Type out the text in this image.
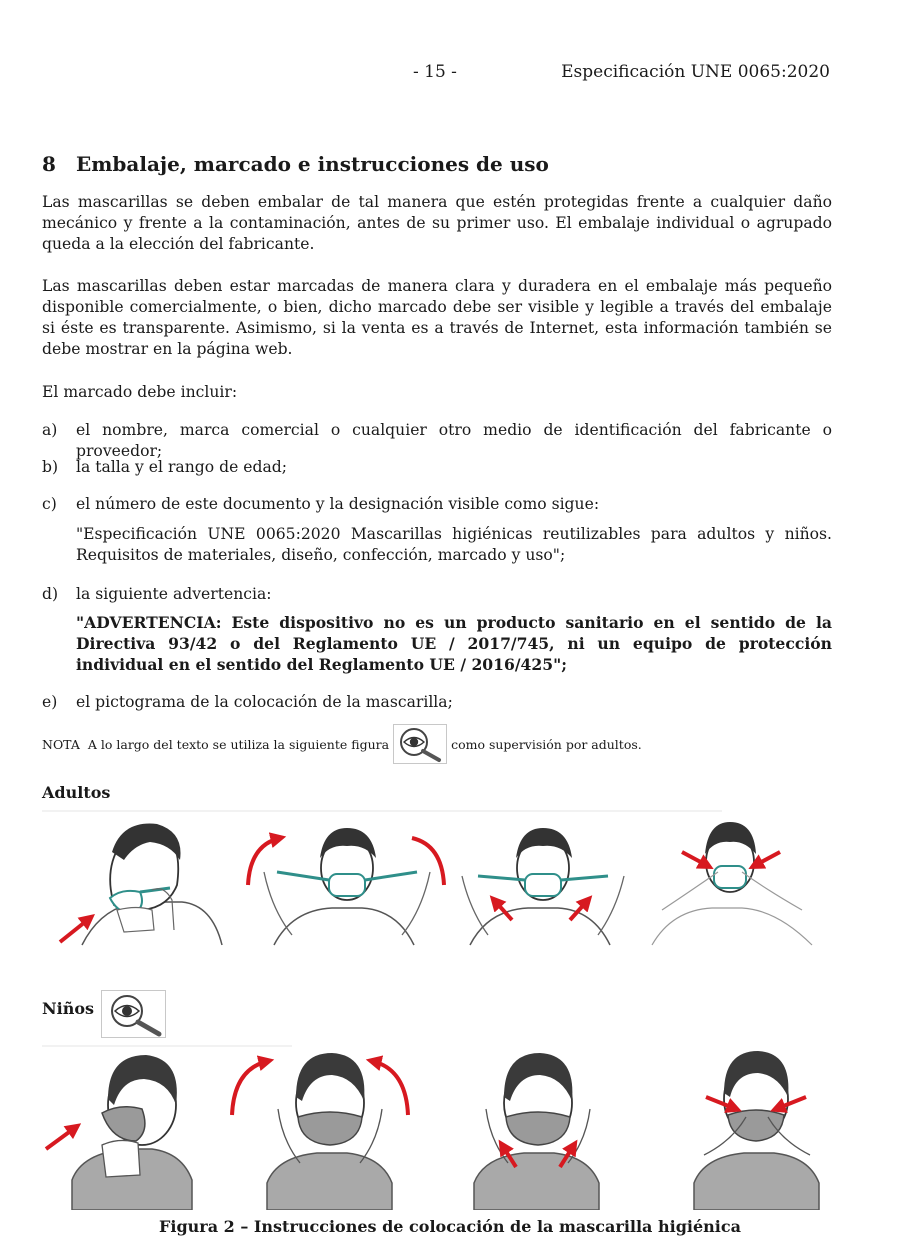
- 15 -	Especificación UNE 0065:2020
8 Embalaje, marcado e instrucciones de uso

Las mascarillas se deben embalar de tal manera que estén protegidas frente a cualquier daño mecánico y frente a la contaminación, antes de su primer uso. El embalaje individual o agrupado queda a la elección del fabricante.

Las mascarillas deben estar marcadas de manera clara y duradera en el embalaje más pequeño disponible comercialmente, o bien, dicho marcado debe ser visible y legible a través del embalaje si éste es transparente. Asimismo, si la venta es a través de Internet, esta información también se debe mostrar en la página web.

El marcado debe incluir:

a) el nombre, marca comercial o cualquier otro medio de identificación del fabricante o proveedor;
b) la talla y el rango de edad;
c) el número de este documento y la designación visible como sigue:

"Especificación UNE 0065:2020 Mascarillas higiénicas reutilizables para adultos y niños. Requisitos de materiales, diseño, confección, marcado y uso";

d) la siguiente advertencia:

"ADVERTENCIA: Este dispositivo no es un producto sanitario en el sentido de la Directiva 93/42 o del Reglamento UE / 2017/745, ni un equipo de protección individual en el sentido del Reglamento UE / 2016/425";

e) el pictograma de la colocación de la mascarilla;
NOTA A lo largo del texto se utiliza la siguiente figura	como supervisión por adultos.
Adultos
Niños
Figura 2 – Instrucciones de colocación de la mascarilla higiénica
